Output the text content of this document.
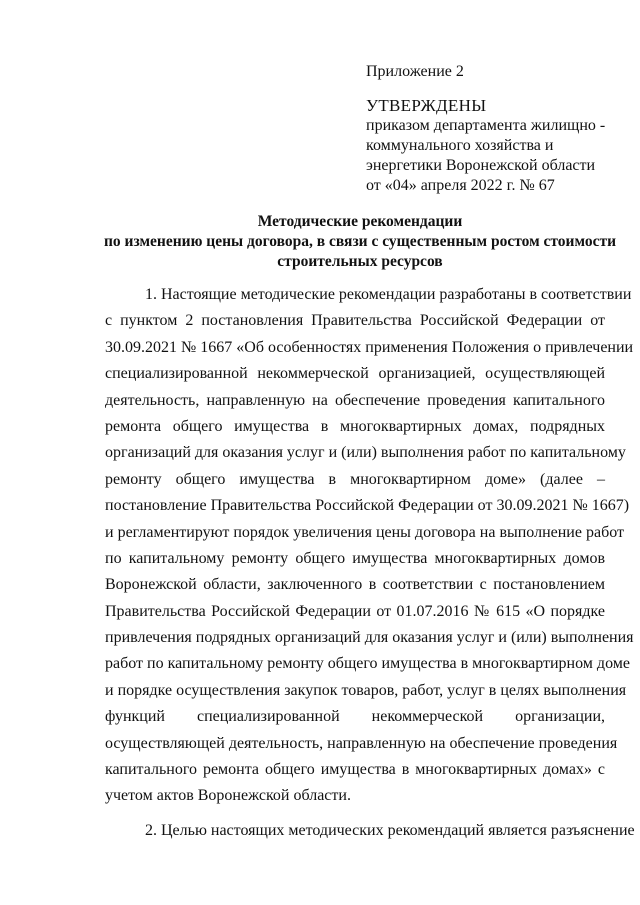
Приложение 2
УТВЕРЖДЕНЫ
приказом департамента жилищно -
коммунального хозяйства и
энергетики Воронежской области
от «04» апреля 2022 г. № 67
Методические рекомендации
по изменению цены договора, в связи с существенным ростом стоимости
строительных ресурсов
1. Настоящие методические рекомендации разработаны в соответствии
с пунктом 2 постановления Правительства Российской Федерации от
30.09.2021 № 1667 «Об особенностях применения Положения о привлечении
специализированной некоммерческой организацией, осуществляющей
деятельность, направленную на обеспечение проведения капитального
ремонта общего имущества в многоквартирных домах, подрядных
организаций для оказания услуг и (или) выполнения работ по капитальному
ремонту общего имущества в многоквартирном доме» (далее –
постановление Правительства Российской Федерации от 30.09.2021 № 1667)
и регламентируют порядок увеличения цены договора на выполнение работ
по капитальному ремонту общего имущества многоквартирных домов
Воронежской области, заключенного в соответствии с постановлением
Правительства Российской Федерации от 01.07.2016 № 615 «О порядке
привлечения подрядных организаций для оказания услуг и (или) выполнения
работ по капитальному ремонту общего имущества в многоквартирном доме
и порядке осуществления закупок товаров, работ, услуг в целях выполнения
функций специализированной некоммерческой организации,
осуществляющей деятельность, направленную на обеспечение проведения
капитального ремонта общего имущества в многоквартирных домах» с
учетом актов Воронежской области.
2. Целью настоящих методических рекомендаций является разъяснение
